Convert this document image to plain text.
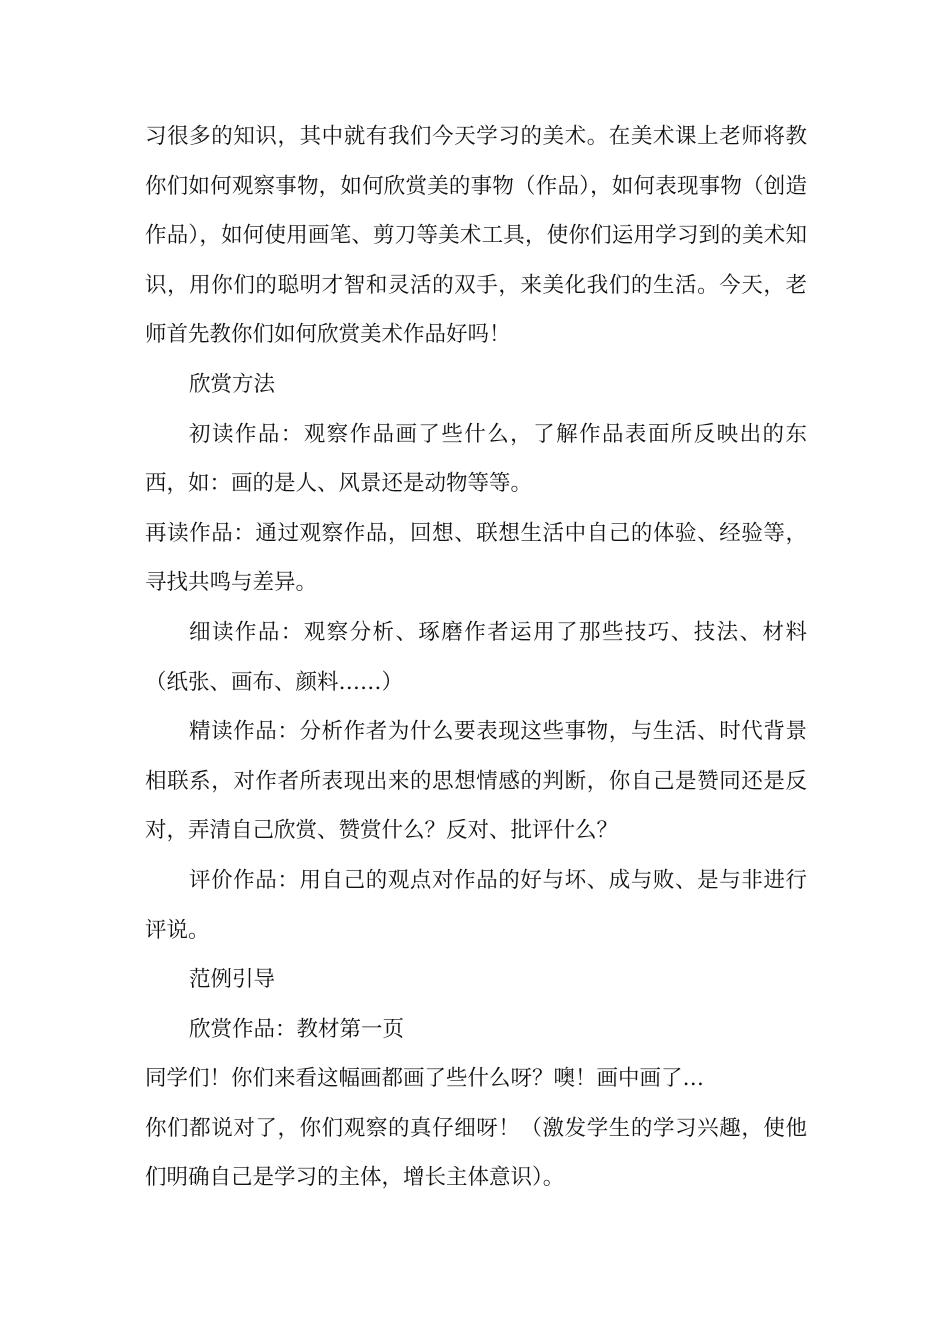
习很多的知识，其中就有我们今天学习的美术。在美术课上老师将教你们如何观察事物，如何欣赏美的事物（作品），如何表现事物（创造作品），如何使用画笔、剪刀等美术工具，使你们运用学习到的美术知识，用你们的聪明才智和灵活的双手，来美化我们的生活。今天，老师首先教你们如何欣赏美术作品好吗！

欣赏方法

初读作品：观察作品画了些什么，了解作品表面所反映出的东西，如：画的是人、风景还是动物等等。

再读作品：通过观察作品，回想、联想生活中自己的体验、经验等，寻找共鸣与差异。

细读作品：观察分析、琢磨作者运用了那些技巧、技法、材料（纸张、画布、颜料……）

精读作品：分析作者为什么要表现这些事物，与生活、时代背景相联系，对作者所表现出来的思想情感的判断，你自己是赞同还是反对，弄清自己欣赏、赞赏什么？反对、批评什么？

评价作品：用自己的观点对作品的好与坏、成与败、是与非进行评说。

范例引导

欣赏作品：教材第一页

同学们！你们来看这幅画都画了些什么呀？噢！画中画了…

你们都说对了，你们观察的真仔细呀！（激发学生的学习兴趣，使他们明确自己是学习的主体，增长主体意识）。
